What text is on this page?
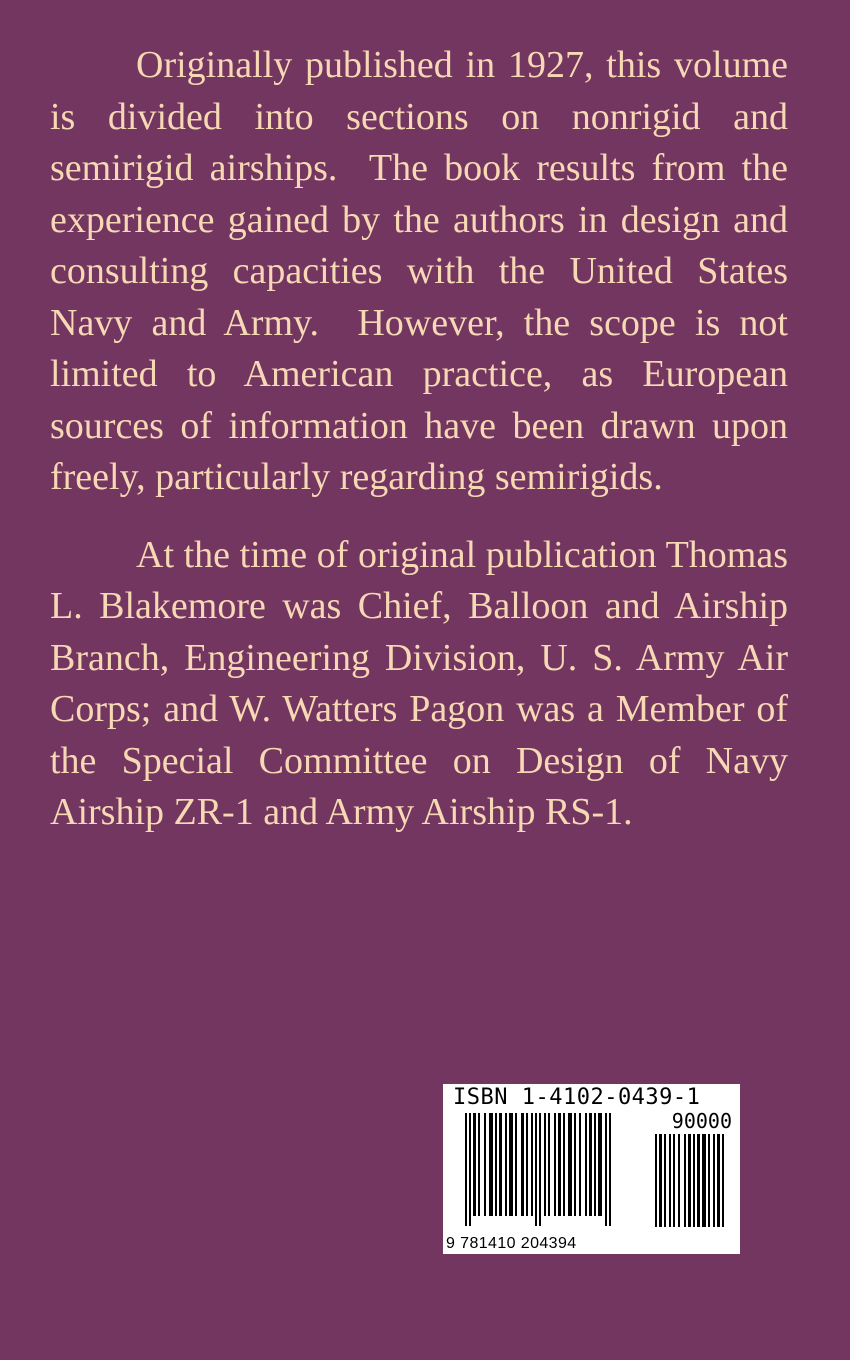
Originally published in 1927, this volume is divided into sections on nonrigid and semirigid airships.  The book results from the experience gained by the authors in design and consulting capacities with the United States Navy and Army.  However, the scope is not limited to American practice, as European sources of information have been drawn upon freely, particularly regarding semirigids.

At the time of original publication Thomas L. Blakemore was Chief, Balloon and Airship Branch, Engineering Division, U. S. Army Air Corps; and W. Watters Pagon was a Member of the Special Committee on Design of Navy Airship ZR-1 and Army Airship RS-1.

ISBN 1-4102-0439-1
90000
9 781410 204394
